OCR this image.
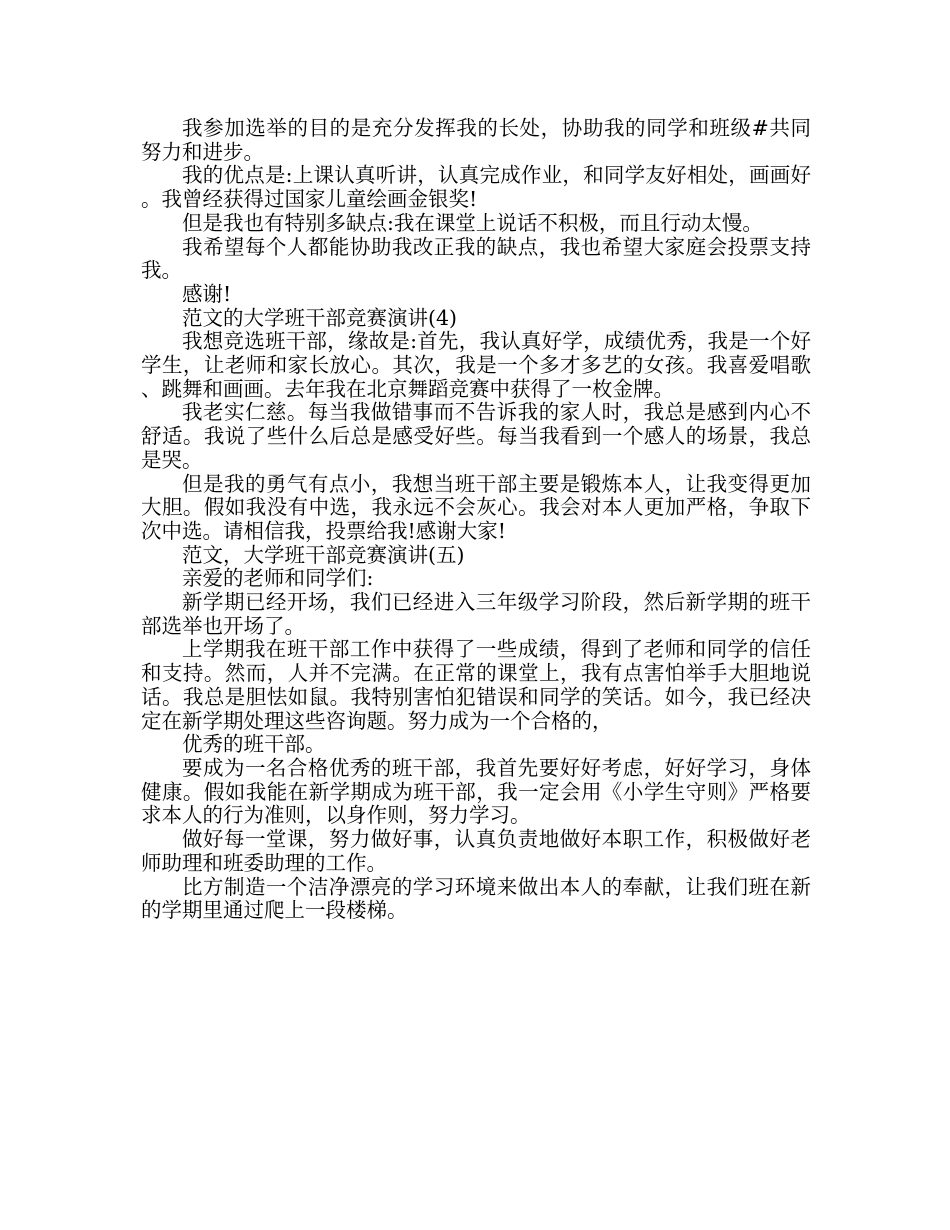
我参加选举的目的是充分发挥我的长处，协助我的同学和班级#共同努力和进步。

我的优点是:上课认真听讲，认真完成作业，和同学友好相处，画画好。我曾经获得过国家儿童绘画金银奖!

但是我也有特别多缺点:我在课堂上说话不积极，而且行动太慢。

我希望每个人都能协助我改正我的缺点，我也希望大家庭会投票支持我。

感谢!

范文的大学班干部竞赛演讲(4)

我想竞选班干部，缘故是:首先，我认真好学，成绩优秀，我是一个好学生，让老师和家长放心。其次，我是一个多才多艺的女孩。我喜爱唱歌、跳舞和画画。去年我在北京舞蹈竞赛中获得了一枚金牌。

我老实仁慈。每当我做错事而不告诉我的家人时，我总是感到内心不舒适。我说了些什么后总是感受好些。每当我看到一个感人的场景，我总是哭。

但是我的勇气有点小，我想当班干部主要是锻炼本人，让我变得更加大胆。假如我没有中选，我永远不会灰心。我会对本人更加严格，争取下次中选。请相信我，投票给我!感谢大家!

范文，大学班干部竞赛演讲(五)

亲爱的老师和同学们:

新学期已经开场，我们已经进入三年级学习阶段，然后新学期的班干部选举也开场了。

上学期我在班干部工作中获得了一些成绩，得到了老师和同学的信任和支持。然而，人并不完满。在正常的课堂上，我有点害怕举手大胆地说话。我总是胆怯如鼠。我特别害怕犯错误和同学的笑话。如今，我已经决定在新学期处理这些咨询题。努力成为一个合格的，

优秀的班干部。

要成为一名合格优秀的班干部，我首先要好好考虑，好好学习，身体健康。假如我能在新学期成为班干部，我一定会用《小学生守则》严格要求本人的行为准则，以身作则，努力学习。

做好每一堂课，努力做好事，认真负责地做好本职工作，积极做好老师助理和班委助理的工作。

比方制造一个洁净漂亮的学习环境来做出本人的奉献，让我们班在新的学期里通过爬上一段楼梯。
